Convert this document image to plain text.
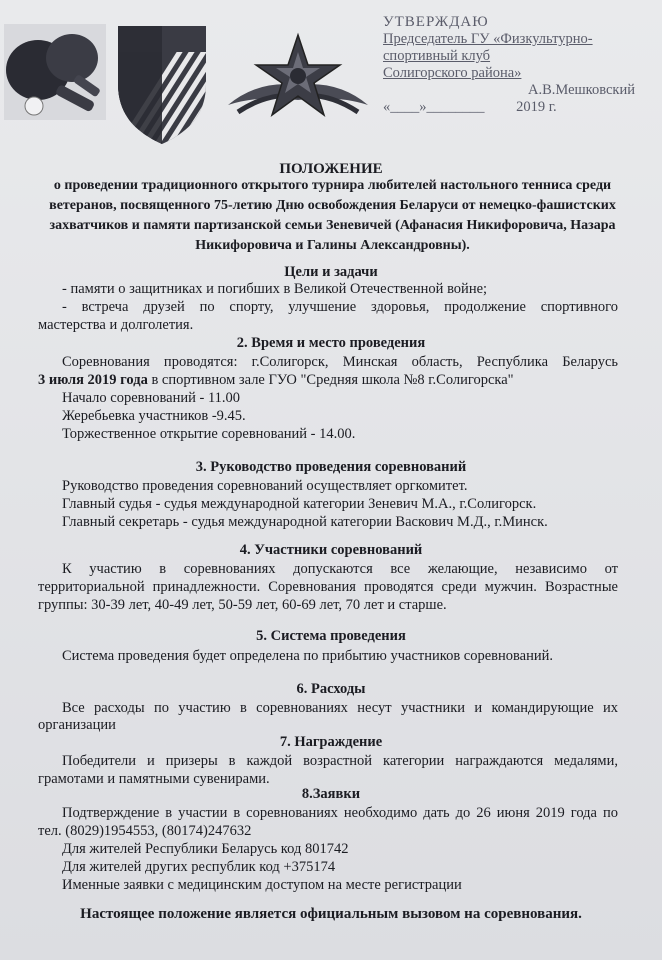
УТВЕРЖДАЮ
Председатель ГУ «Физкультурно-
спортивный клуб
Солигорского района»
А.В.Мешковский
«____»________ 2019 г.
ПОЛОЖЕНИЕ
о проведении традиционного открытого турнира любителей настольного тенниса среди ветеранов, посвященного 75-летию Дню освобождения Беларуси от немецко-фашистских захватчиков и памяти партизанской семьи Зеневичей (Афанасия Никифоровича, Назара Никифоровича и Галины Александровны).
Цели и задачи
- памяти о защитниках и погибших в Великой Отечественной войне;
- встреча друзей по спорту, улучшение здоровья, продолжение спортивного
мастерства и долголетия.
2. Время и место проведения
Соревнования проводятся: г.Солигорск, Минская область, Республика Беларусь
3 июля 2019 года в спортивном зале ГУО "Средняя школа №8 г.Солигорска"
Начало соревнований - 11.00
Жеребьевка участников -9.45.
Торжественное открытие соревнований - 14.00.
3. Руководство проведения соревнований
Руководство проведения соревнований осуществляет оргкомитет.
Главный судья - судья международной категории Зеневич М.А., г.Солигорск.
Главный секретарь - судья международной категории Васкович М.Д., г.Минск.
4. Участники соревнований
К участию в соревнованиях допускаются все желающие, независимо от
территориальной принадлежности. Соревнования проводятся среди мужчин. Возрастные
группы: 30-39 лет, 40-49 лет, 50-59 лет, 60-69 лет, 70 лет и старше.
5. Система проведения
Система проведения будет определена по прибытию участников соревнований.
6. Расходы
Все расходы по участию в соревнованиях несут участники и командирующие их
организации
7. Награждение
Победители и призеры в каждой возрастной категории награждаются медалями,
грамотами и памятными сувенирами.
8.Заявки
Подтверждение в участии в соревнованиях необходимо дать до 26 июня 2019 года по
тел. (8029)1954553, (80174)247632
Для жителей Республики Беларусь код 801742
Для жителей других республик код +375174
Именные заявки с медицинским доступом на месте регистрации
Настоящее положение является официальным вызовом на соревнования.
